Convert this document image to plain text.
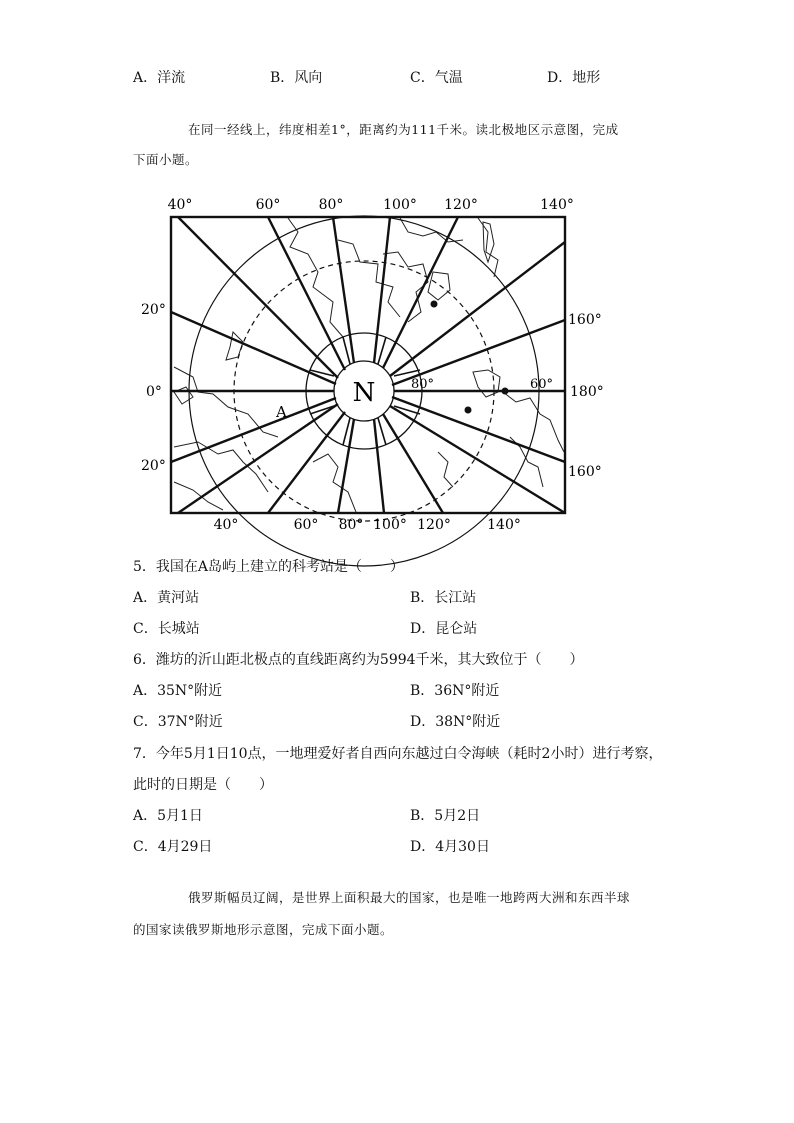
A．洋流	B．风向	C．气温	D．地形
在同一经线上，纬度相差1°，距离约为111千米。读北极地区示意图，完成
下面小题。
N	80°	60°
A
40°	60°	80°	100° 120°	140°
40°	60° 80° 100° 120°	140°
20°
0°
20°
160°
180°
160°
5．我国在A岛屿上建立的科考站是（　　）
A．黄河站	B．长江站
C．长城站	D．昆仑站
6．潍坊的沂山距北极点的直线距离约为5994千米，其大致位于（　　）
A．35N°附近	B．36N°附近
C．37N°附近	D．38N°附近
7．今年5月1日10点，一地理爱好者自西向东越过白令海峡（耗时2小时）进行考察，
此时的日期是（　　）
A．5月1日	B．5月2日
C．4月29日	D．4月30日
俄罗斯幅员辽阔，是世界上面积最大的国家，也是唯一地跨两大洲和东西半球
的国家读俄罗斯地形示意图，完成下面小题。
